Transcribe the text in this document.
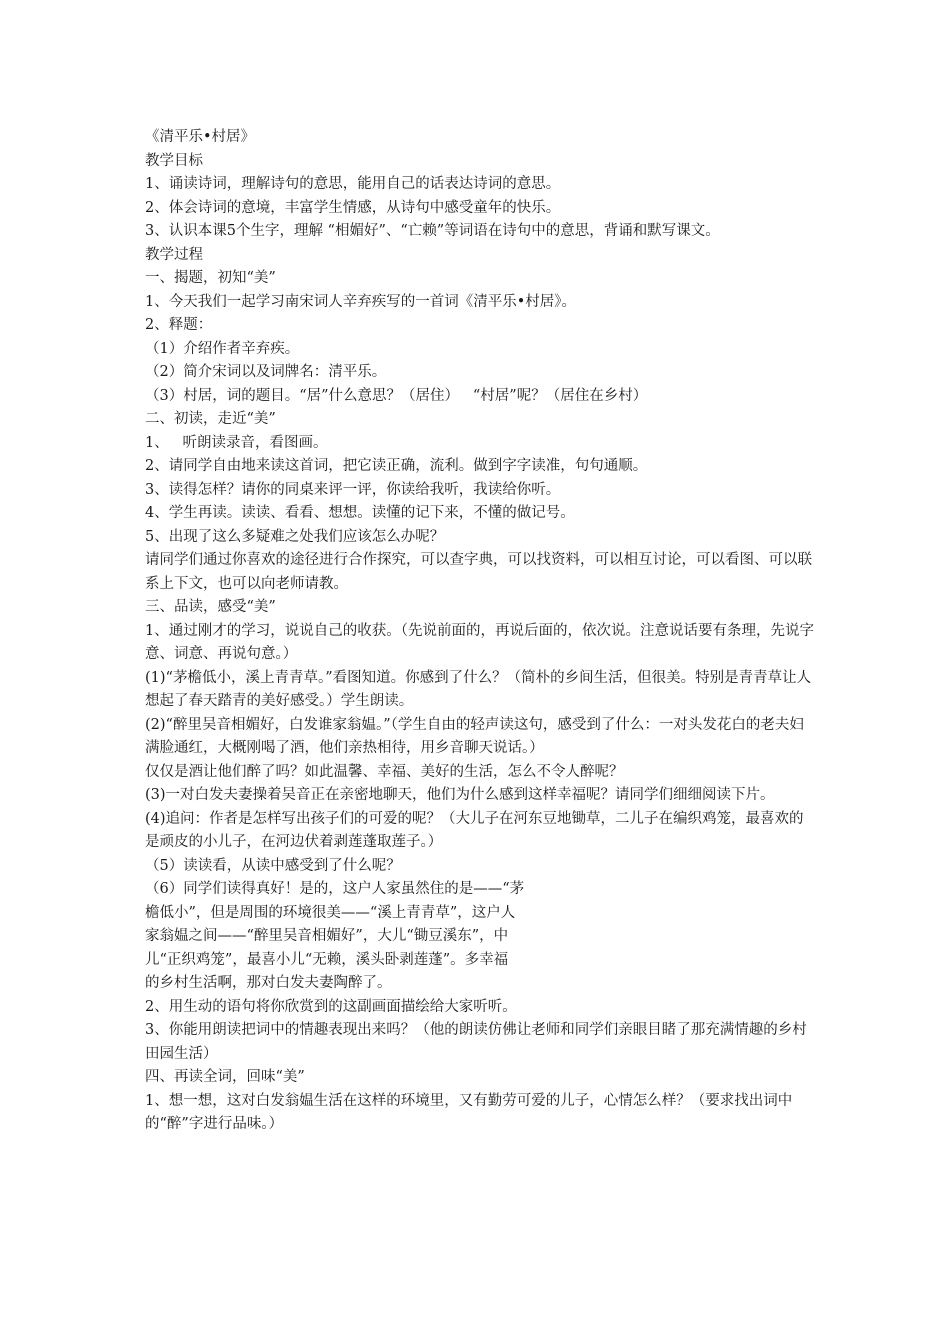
《清平乐•村居》

教学目标

1、诵读诗词，理解诗句的意思，能用自己的话表达诗词的意思。

2、体会诗词的意境，丰富学生情感，从诗句中感受童年的快乐。

3、认识本课5个生字，理解 “相媚好”、“亡赖”等词语在诗句中的意思，背诵和默写课文。

教学过程

一、揭题，初知“美”

1、今天我们一起学习南宋词人辛弃疾写的一首词《清平乐•村居》。

2、释题：

（1）介绍作者辛弃疾。

（2）简介宋词以及词牌名：清平乐。

（3）村居，词的题目。“居”什么意思？（居住）   “村居”呢？（居住在乡村）

二、初读，走近“美”

1、   听朗读录音，看图画。

2、请同学自由地来读这首词，把它读正确，流利。做到字字读准，句句通顺。

3、读得怎样？请你的同桌来评一评，你读给我听，我读给你听。

4、学生再读。读读、看看、想想。读懂的记下来，不懂的做记号。

5、出现了这么多疑难之处我们应该怎么办呢？

请同学们通过你喜欢的途径进行合作探究，可以查字典，可以找资料，可以相互讨论，可以看图、可以联系上下文，也可以向老师请教。

三、品读，感受“美”

1、通过刚才的学习，说说自己的收获。（先说前面的，再说后面的，依次说。注意说话要有条理，先说字意、词意、再说句意。）

(1)“茅檐低小，溪上青青草。”看图知道。你感到了什么？（简朴的乡间生活，但很美。特别是青青草让人想起了春天踏青的美好感受。）学生朗读。

(2)“醉里吴音相媚好，白发谁家翁媪。”（学生自由的轻声读这句，感受到了什么：一对头发花白的老夫妇满脸通红，大概刚喝了酒，他们亲热相待，用乡音聊天说话。）

仅仅是酒让他们醉了吗？如此温馨、幸福、美好的生活，怎么不令人醉呢？

(3)一对白发夫妻操着吴音正在亲密地聊天，他们为什么感到这样幸福呢？请同学们细细阅读下片。

(4)追问：作者是怎样写出孩子们的可爱的呢？（大儿子在河东豆地锄草，二儿子在编织鸡笼，最喜欢的是顽皮的小儿子，在河边伏着剥莲蓬取莲子。）

（5）读读看，从读中感受到了什么呢？

（6）同学们读得真好！是的，这户人家虽然住的是——“茅

檐低小”，但是周围的环境很美——“溪上青青草”，这户人

家翁媪之间——“醉里吴音相媚好”，大儿“锄豆溪东”，中

儿“正织鸡笼”，最喜小儿“无赖，溪头卧剥莲蓬”。多幸福

的乡村生活啊，那对白发夫妻陶醉了。

2、用生动的语句将你欣赏到的这副画面描绘给大家听听。

3、你能用朗读把词中的情趣表现出来吗？（他的朗读仿佛让老师和同学们亲眼目睹了那充满情趣的乡村田园生活）

四、再读全词，回味“美”

1、想一想，这对白发翁媪生活在这样的环境里，又有勤劳可爱的儿子，心情怎么样？（要求找出词中的“醉”字进行品味。）
